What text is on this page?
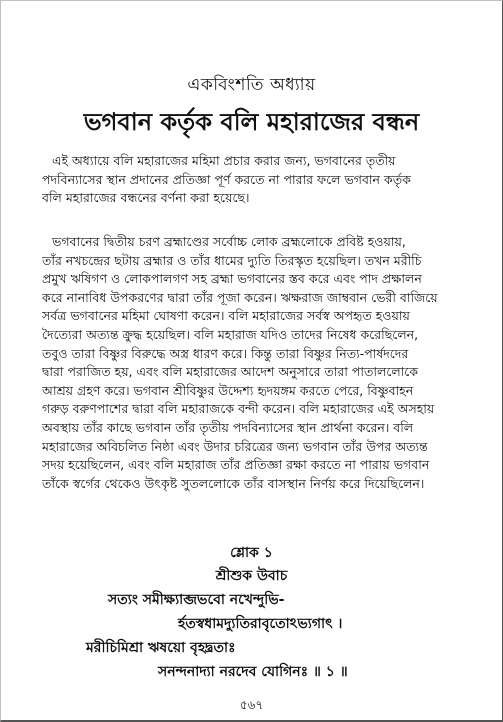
একবিংশতি অধ্যায়
ভগবান কর্তৃক বলি মহারাজের বন্ধন

এই অধ্যায়ে বলি মহারাজের মহিমা প্রচার করার জন্য, ভগবানের তৃতীয়
পদবিন্যাসের স্থান প্রদানের প্রতিজ্ঞা পূর্ণ করতে না পারার ফলে ভগবান কর্তৃক
বলি মহারাজের বন্ধনের বর্ণনা করা হয়েছে।

ভগবানের দ্বিতীয় চরণ ব্রহ্মাণ্ডের সর্বোচ্চ লোক ব্রহ্মলোকে প্রবিষ্ট হওয়ায়,
তাঁর নখচন্দ্রের ছটায় ব্রহ্মার ও তাঁর ধামের দ্যুতি তিরস্কৃত হয়েছিল। তখন মরীচি
প্রমুখ ঋষিগণ ও লোকপালগণ সহ ব্রহ্মা ভগবানের স্তব করে এবং পাদ প্রক্ষালন
করে নানাবিধ উপকরণের দ্বারা তাঁর পূজা করেন। ঋক্ষরাজ জাম্ববান ভেরী বাজিয়ে
সর্বত্র ভগবানের মহিমা ঘোষণা করেন। বলি মহারাজের সর্বস্ব অপহৃত হওয়ায়
দৈত্যেরা অত্যন্ত ক্রুদ্ধ হয়েছিল। বলি মহারাজ যদিও তাদের নিষেধ করেছিলেন,
তবুও তারা বিষ্ণুর বিরুদ্ধে অস্ত্র ধারণ করে। কিন্তু তারা বিষ্ণুর নিত্য-পার্ষদদের
দ্বারা পরাজিত হয়, এবং বলি মহারাজের আদেশ অনুসারে তারা পাতাললোকে
আশ্রয় গ্রহণ করে। ভগবান শ্রীবিষ্ণুর উদ্দেশ্য হৃদয়ঙ্গম করতে পেরে, বিষ্ণুবাহন
গরুড় বরুণপাশের দ্বারা বলি মহারাজকে বন্দী করেন। বলি মহারাজের এই অসহায়
অবস্থায় তাঁর কাছে ভগবান তাঁর তৃতীয় পদবিন্যাসের স্থান প্রার্থনা করেন। বলি
মহারাজের অবিচলিত নিষ্ঠা এবং উদার চরিত্রের জন্য ভগবান তাঁর উপর অত্যন্ত
সদয় হয়েছিলেন, এবং বলি মহারাজ তাঁর প্রতিজ্ঞা রক্ষা করতে না পারায় ভগবান
তাঁকে স্বর্গের থেকেও উৎকৃষ্ট সুতললোকে তাঁর বাসস্থান নির্ণয় করে দিয়েছিলেন।

শ্লোক ১
শ্রীশুক উবাচ
সত্যং সমীক্ষ্যাব্জভবো নখেন্দুভি-
র্হতস্বধামদ্যুতিরাবৃতোঽভ্যগাৎ ।
মরীচিমিশ্রা ঋষয়ো বৃহদ্ব্রতাঃ
সনন্দনাদ্যা নরদেব যোগিনঃ ॥ ১ ॥
৫৬৭
